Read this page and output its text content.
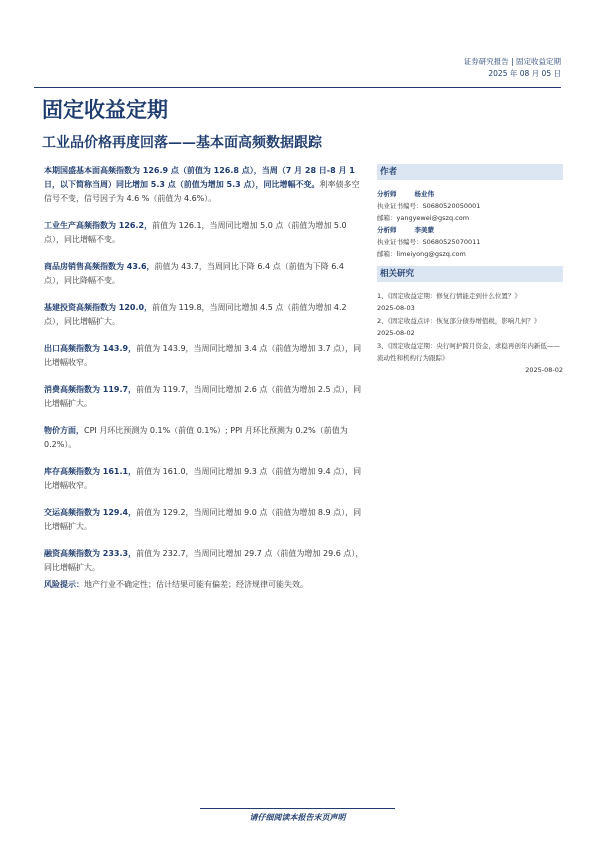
证券研究报告 | 固定收益定期
2025 年 08 月 05 日
固定收益定期
工业品价格再度回落——基本面高频数据跟踪

本期国盛基本面高频指数为 126.9 点（前值为 126.8 点），当周（7 月 28 日-8 月 1 日，以下简称当周）同比增加 5.3 点（前值为增加 5.3 点），同比增幅不变。利率债多空信号不变，信号因子为 4.6 %（前值为 4.6%）。

工业生产高频指数为 126.2，前值为 126.1，当周同比增加 5.0 点（前值为增加 5.0 点），同比增幅不变。

商品房销售高频指数为 43.6，前值为 43.7，当周同比下降 6.4 点（前值为下降 6.4 点），同比降幅不变。

基建投资高频指数为 120.0，前值为 119.8，当周同比增加 4.5 点（前值为增加 4.2 点），同比增幅扩大。

出口高频指数为 143.9，前值为 143.9，当周同比增加 3.4 点（前值为增加 3.7 点），同比增幅收窄。

消费高频指数为 119.7，前值为 119.7，当周同比增加 2.6 点（前值为增加 2.5 点），同比增幅扩大。

物价方面，CPI 月环比预测为 0.1%（前值 0.1%）; PPI 月环比预测为 0.2%（前值为 0.2%）。

库存高频指数为 161.1，前值为 161.0，当周同比增加 9.3 点（前值为增加 9.4 点），同比增幅收窄。

交运高频指数为 129.4，前值为 129.2，当周同比增加 9.0 点（前值为增加 8.9 点），同比增幅扩大。

融资高频指数为 233.3，前值为 232.7，当周同比增加 29.7 点（前值为增加 29.6 点），同比增幅扩大。

风险提示：地产行业不确定性；估计结果可能有偏差；经济规律可能失效。
作者
分析师	杨业伟
执业证书编号：S0680520050001
邮箱：yangyewei@gszq.com
分析师	李美蒙
执业证书编号：S0680525070011
邮箱：limeiyong@gszq.com
相关研究
1、《固定收益定期：修复行情能走到什么位置？》
2025-08-03
2、《固定收益点评：恢复部分债券增值税，影响几何？》
2025-08-02
3、《固定收益定期：央行呵护跨月资金，求稳再创年内新低——流动性和机构行为跟踪》
2025-08-02
请仔细阅读本报告末页声明
